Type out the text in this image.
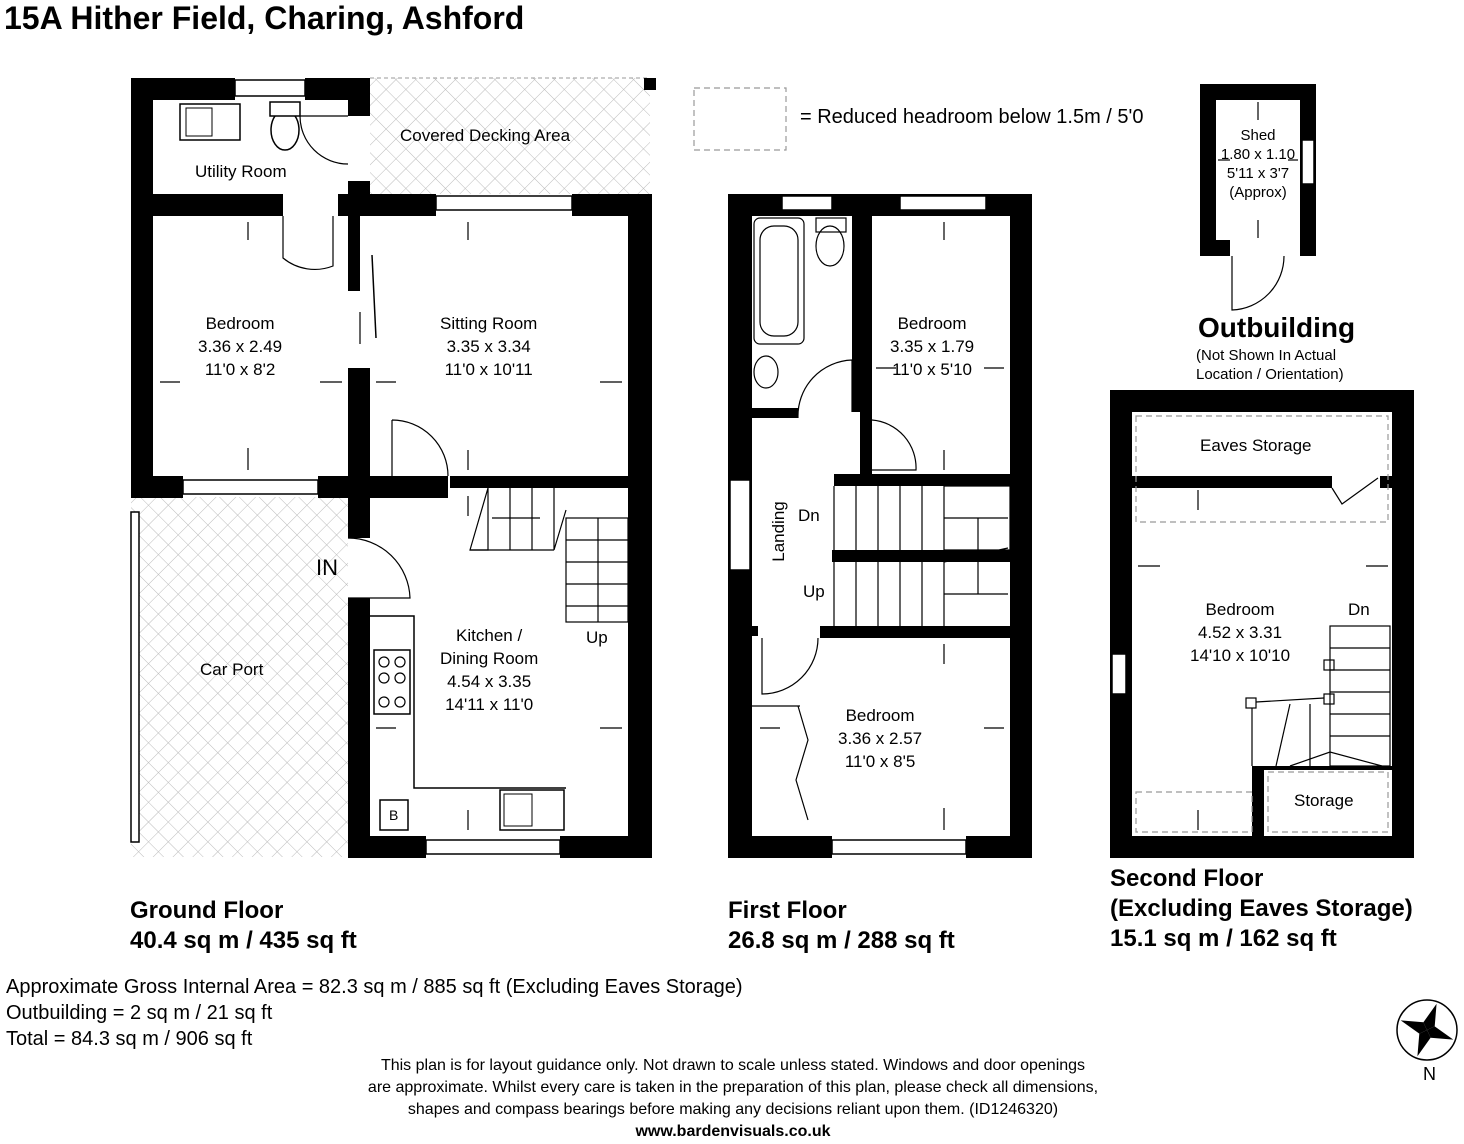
15A Hither Field, Charing, Ashford
= Reduced headroom below 1.5m / 5'0
Utility Room
Covered Decking Area
Bedroom
3.36 x 2.49
11'0 x 8'2
Sitting Room
3.35 x 3.34
11'0 x 10'11
Kitchen /
Dining Room
4.54 x 3.35
14'11 x 11'0
Car Port
IN
Up
B
Bedroom
3.35 x 1.79
11'0 x 5'10
Bedroom
3.36 x 2.57
11'0 x 8'5
Landing Dn
Up
Shed
1.80 x 1.10
5'11 x 3'7
(Approx)
Outbuilding
(Not Shown In Actual
Location / Orientation)
Eaves Storage
Bedroom
4.52 x 3.31
14'10 x 10'10
Dn
Storage
Ground Floor
40.4 sq m / 435 sq ft
First Floor
26.8 sq m / 288 sq ft
Second Floor
(Excluding Eaves Storage)
15.1 sq m / 162 sq ft
Approximate Gross Internal Area = 82.3 sq m / 885 sq ft (Excluding Eaves Storage)
Outbuilding = 2 sq m / 21 sq ft
Total = 84.3 sq m / 906 sq ft
This plan is for layout guidance only. Not drawn to scale unless stated. Windows and door openings
are approximate. Whilst every care is taken in the preparation of this plan, please check all dimensions,
shapes and compass bearings before making any decisions reliant upon them. (ID1246320)
www.bardenvisuals.co.uk
N
